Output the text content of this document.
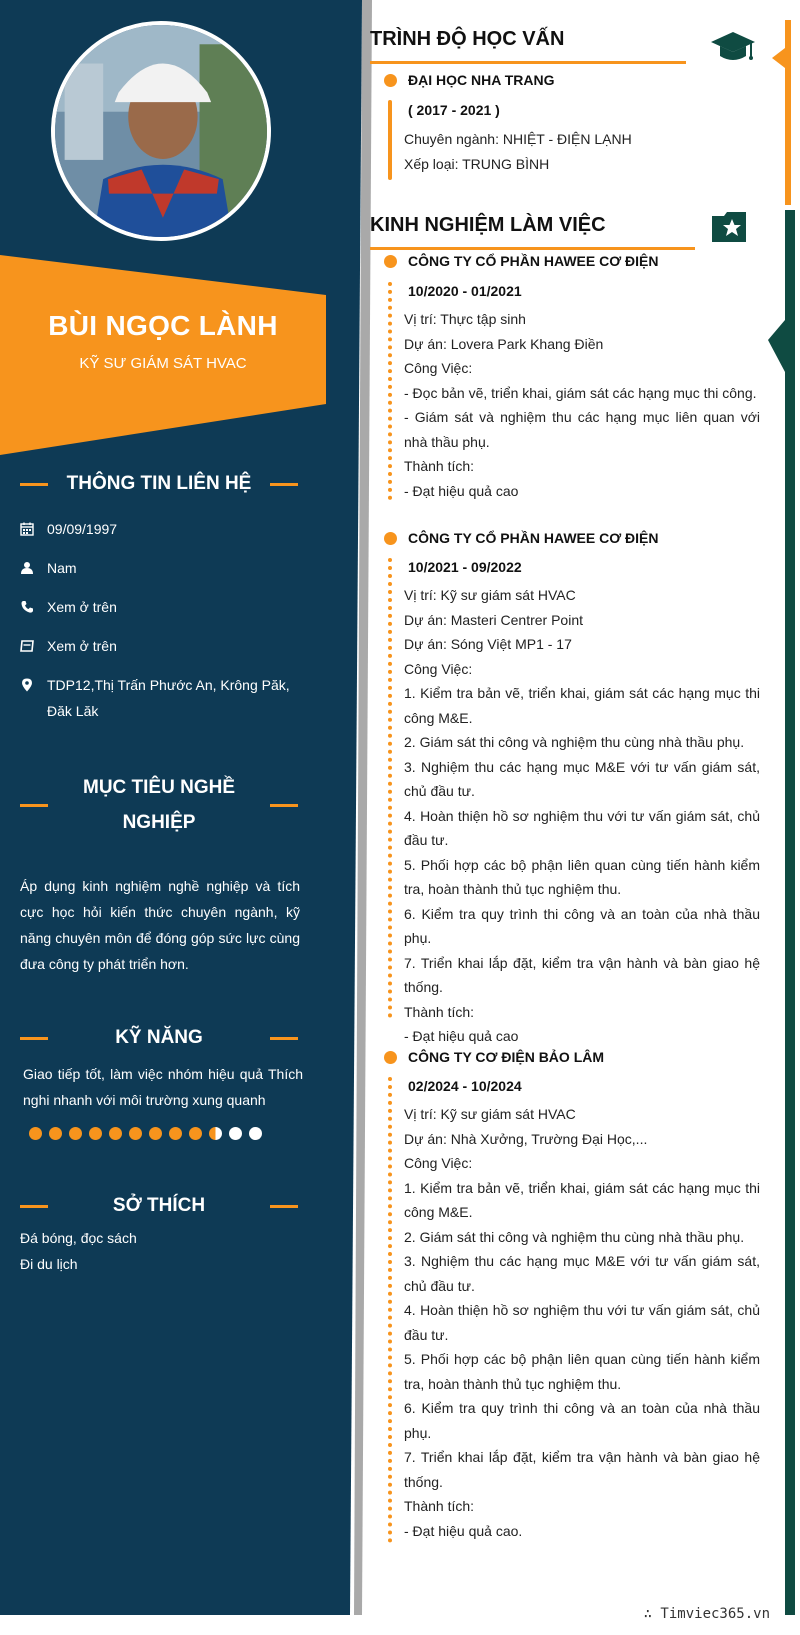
BÙI NGỌC LÀNH
KỸ SƯ GIÁM SÁT HVAC
THÔNG TIN LIÊN HỆ
09/09/1997
Nam
Xem ở trên
Xem ở trên
TDP12,Thị Trấn Phước An, Krông Păk, Đăk Lăk
MỤC TIÊU NGHỀ NGHIỆP
Áp dụng kinh nghiệm nghề nghiệp và tích cực học hỏi kiến thức chuyên ngành, kỹ năng chuyên môn để đóng góp sức lực cùng đưa công ty phát triển hơn.
KỸ NĂNG
Giao tiếp tốt, làm việc nhóm hiệu quả Thích nghi nhanh với môi trường xung quanh
SỞ THÍCH
Đá bóng, đọc sách
Đi du lịch
TRÌNH ĐỘ HỌC VẤN
ĐẠI HỌC NHA TRANG
( 2017 - 2021 )
Chuyên ngành: NHIỆT - ĐIỆN LẠNH
Xếp loại: TRUNG BÌNH
KINH NGHIỆM LÀM VIỆC
CÔNG TY CỔ PHẦN HAWEE CƠ ĐIỆN
10/2020 - 01/2021
Vị trí: Thực tập sinh
Dự án: Lovera Park Khang Điền
Công Việc:
- Đọc bản vẽ, triển khai, giám sát các hạng mục thi công.
- Giám sát và nghiệm thu các hạng mục liên quan với nhà thầu phụ.
Thành tích:
- Đạt hiệu quả cao
CÔNG TY CỔ PHẦN HAWEE CƠ ĐIỆN
10/2021 - 09/2022
Vị trí: Kỹ sư giám sát HVAC
Dự án: Masteri Centrer Point
Dự án: Sóng Việt MP1 - 17
Công Việc:
1. Kiểm tra bản vẽ, triển khai, giám sát các hạng mục thi công M&E.
2. Giám sát thi công và nghiệm thu cùng nhà thầu phụ.
3. Nghiệm thu các hạng mục M&E với tư vấn giám sát, chủ đầu tư.
4. Hoàn thiện hồ sơ nghiệm thu với tư vấn giám sát, chủ đầu tư.
5. Phối hợp các bộ phận liên quan cùng tiến hành kiểm tra, hoàn thành thủ tục nghiệm thu.
6. Kiểm tra quy trình thi công và an toàn của nhà thầu phụ.
7. Triển khai lắp đặt, kiểm tra vận hành và bàn giao hệ thống.
Thành tích:
- Đạt hiệu quả cao
CÔNG TY CƠ ĐIỆN BẢO LÂM
02/2024 - 10/2024
Vị trí: Kỹ sư giám sát HVAC
Dự án: Nhà Xưởng, Trường Đại Học,...
Công Việc:
1. Kiểm tra bản vẽ, triển khai, giám sát các hạng mục thi công M&E.
2. Giám sát thi công và nghiệm thu cùng nhà thầu phụ.
3. Nghiệm thu các hạng mục M&E với tư vấn giám sát, chủ đầu tư.
4. Hoàn thiện hồ sơ nghiệm thu với tư vấn giám sát, chủ đầu tư.
5. Phối hợp các bộ phận liên quan cùng tiến hành kiểm tra, hoàn thành thủ tục nghiệm thu.
6. Kiểm tra quy trình thi công và an toàn của nhà thầu phụ.
7. Triển khai lắp đặt, kiểm tra vận hành và bàn giao hệ thống.
Thành tích:
- Đạt hiệu quả cao.
∴ Timviec365.vn
